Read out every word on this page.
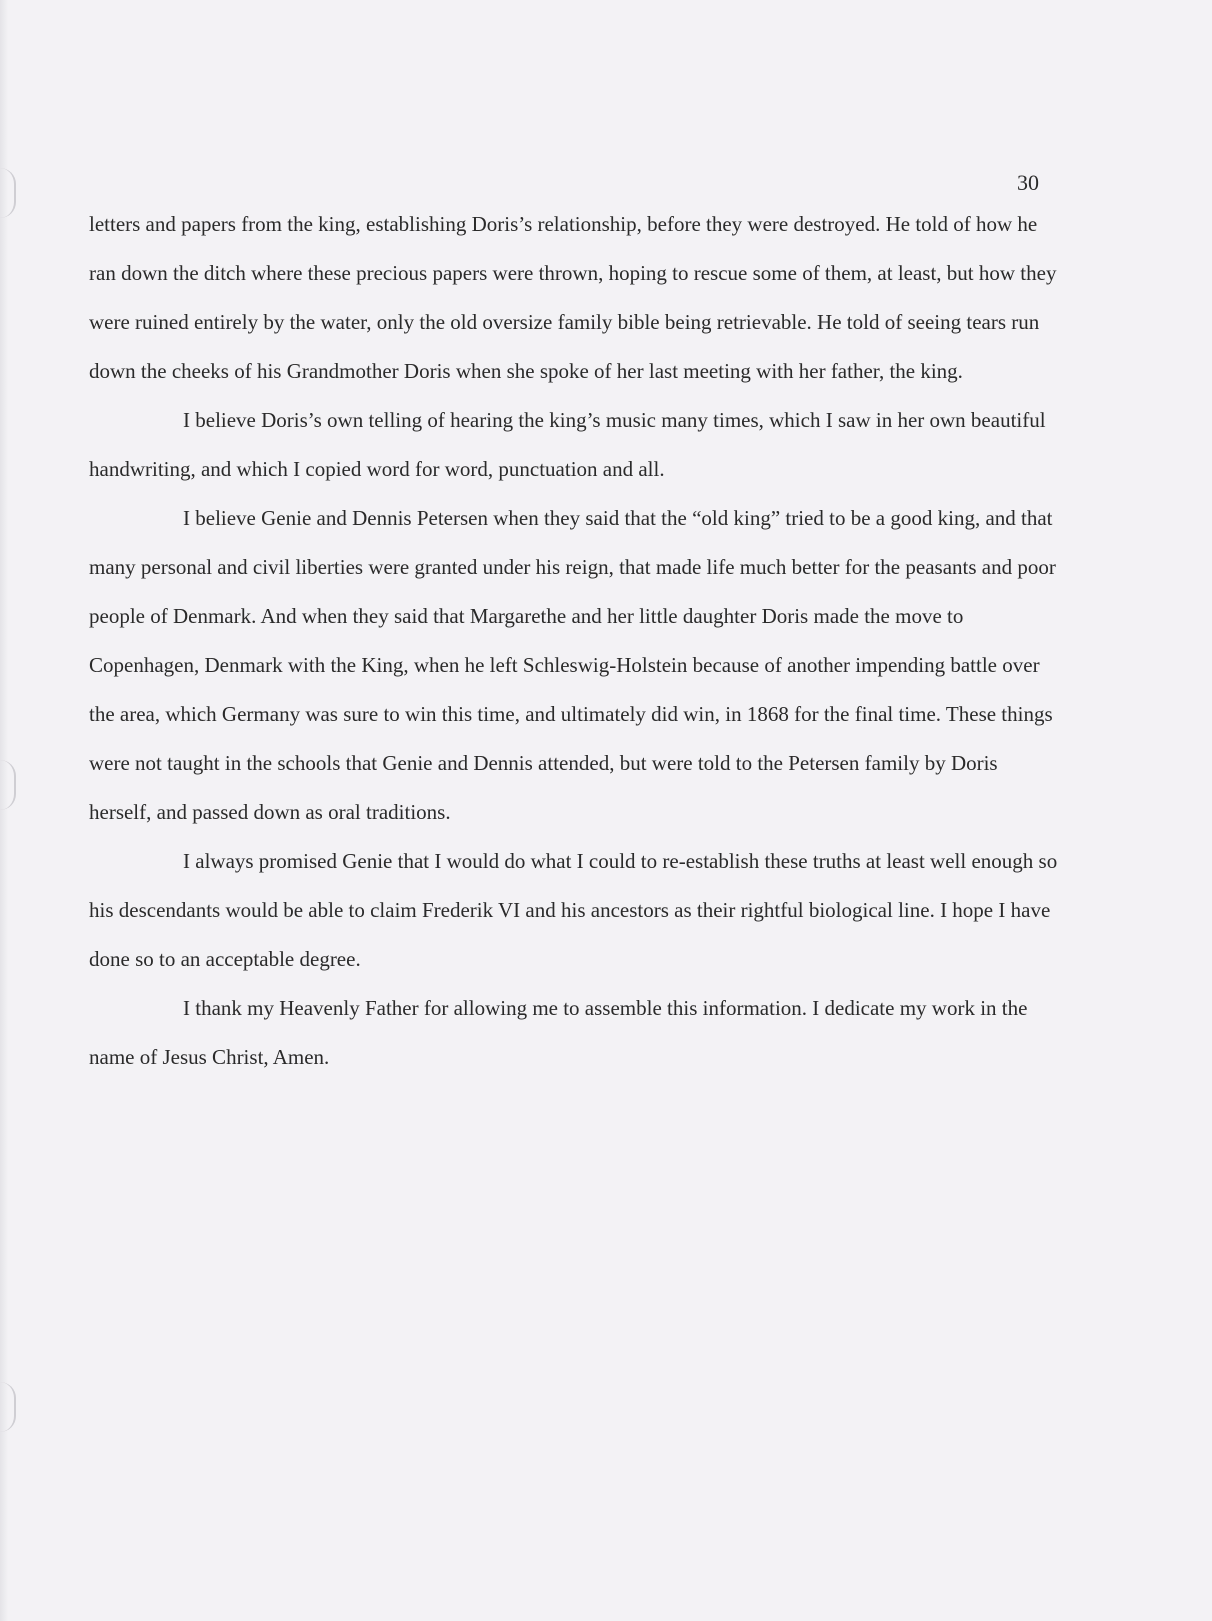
30

letters and papers from the king, establishing Doris’s relationship, before they were destroyed. He told of how he ran down the ditch where these precious papers were thrown, hoping to rescue some of them, at least, but how they were ruined entirely by the water, only the old oversize family bible being retrievable. He told of seeing tears run down the cheeks of his Grandmother Doris when she spoke of her last meeting with her father, the king.

I believe Doris’s own telling of hearing the king’s music many times, which I saw in her own beautiful handwriting, and which I copied word for word, punctuation and all.

I believe Genie and Dennis Petersen when they said that the “old king” tried to be a good king, and that many personal and civil liberties were granted under his reign, that made life much better for the peasants and poor people of Denmark. And when they said that Margarethe and her little daughter Doris made the move to Copenhagen, Denmark with the King, when he left Schleswig-Holstein because of another impending battle over the area, which Germany was sure to win this time, and ultimately did win, in 1868 for the final time. These things were not taught in the schools that Genie and Dennis attended, but were told to the Petersen family by Doris herself, and passed down as oral traditions.

I always promised Genie that I would do what I could to re-establish these truths at least well enough so his descendants would be able to claim Frederik VI and his ancestors as their rightful biological line. I hope I have done so to an acceptable degree.

I thank my Heavenly Father for allowing me to assemble this information. I dedicate my work in the name of Jesus Christ, Amen.
